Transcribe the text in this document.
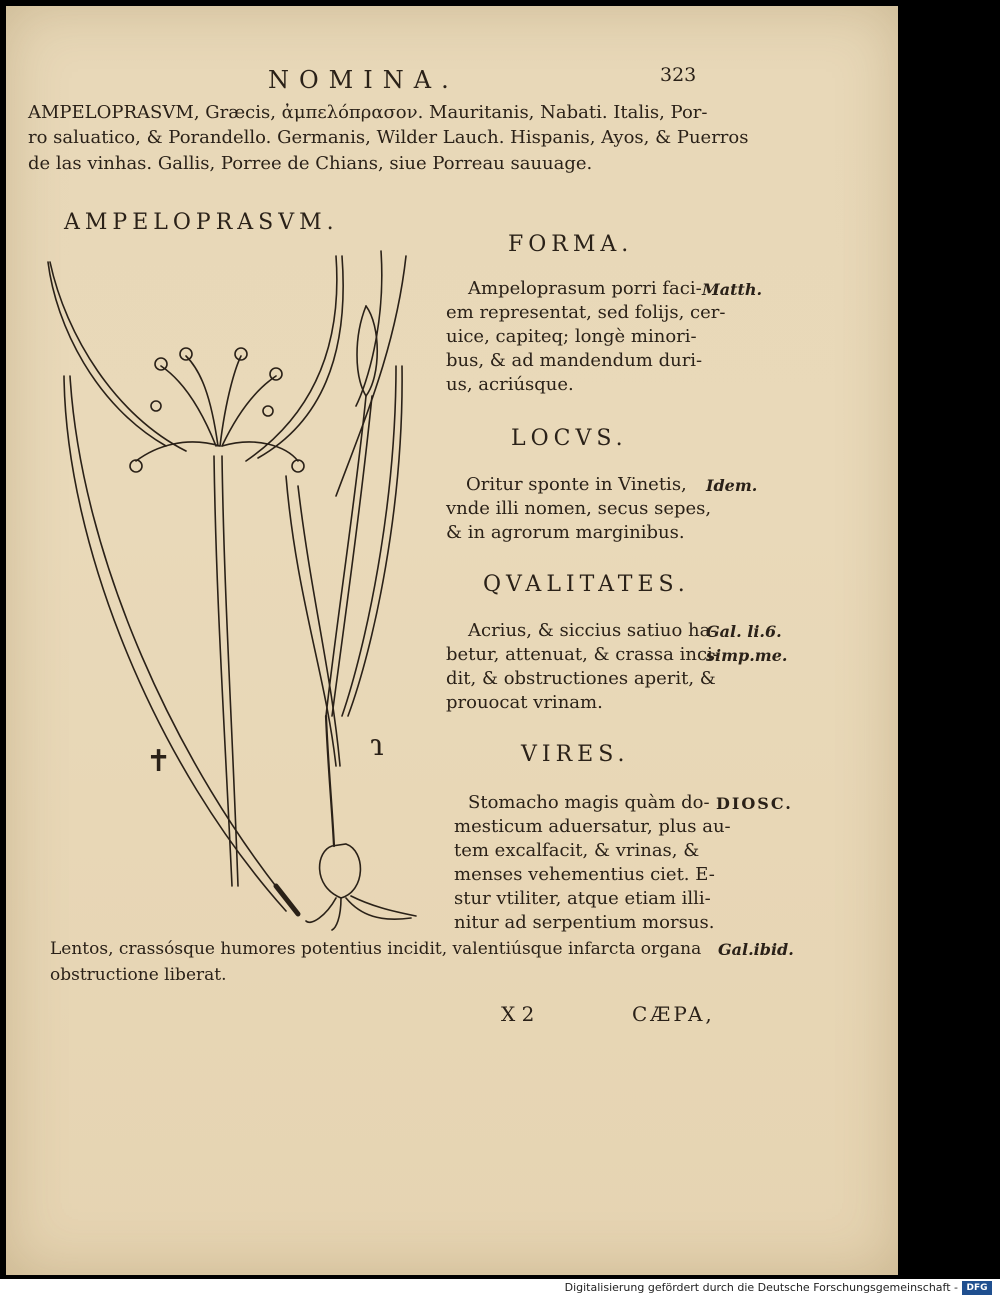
NOMINA.	323
AMPELOPRASVM, Græcis, ἀμπελόπρασον. Mauritanis, Nabati. Italis, Por-
ro saluatico, & Porandello. Germanis, Wilder Lauch. Hispanis, Ayos, & Puerros
de las vinhas. Gallis, Porree de Chians, siue Porreau sauuage.
AMPELOPRASVM.
✝	ɿ
FORMA.
Ampeloprasum porri faci-
em representat, sed folijs, cer-
uice, capiteq; longè minori-
bus, & ad mandendum duri-
us, acriúsque.
Matth.
LOCVS.
Oritur sponte in Vinetis,
vnde illi nomen, secus sepes,
& in agrorum marginibus.
Idem.
QVALITATES.
Acrius, & siccius satiuo ha-
betur, attenuat, & crassa inci-
dit, & obstructiones aperit, &
prouocat vrinam.
Gal. li.6.
simp.me.
VIRES.
Stomacho magis quàm do-
mesticum aduersatur, plus au-
tem excalfacit, & vrinas, &
menses vehementius ciet. E-
stur vtiliter, atque etiam illi-
nitur ad serpentium morsus.
DIOSC.
Lentos, crassósque humores potentius incidit, valentiúsque infarcta organa
obstructione liberat.
Gal.ibid.
X 2	CÆPA,
Digitalisierung gefördert durch die Deutsche Forschungsgemeinschaft - DFG
